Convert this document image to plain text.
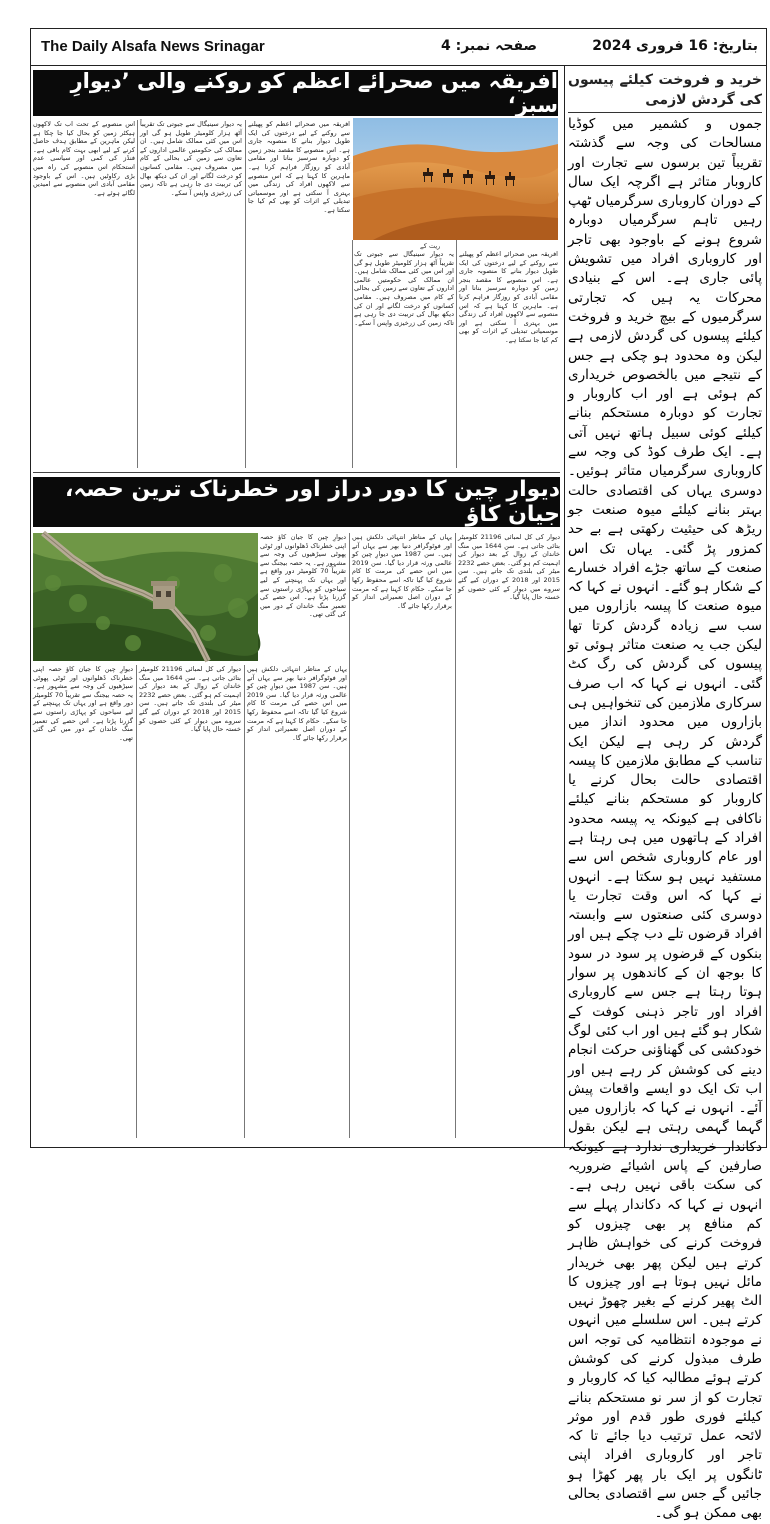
The Daily Alsafa News Srinagar	صفحہ نمبر: 4	بتاریخ: 16 فروری 2024
افریقہ میں صحرائے اعظم کو روکنے والی ’دیوارِ سبز‘
ریت کے
اس منصوبے کے تحت اب تک لاکھوں ہیکٹر زمین کو بحال کیا جا چکا ہے لیکن ماہرین کے مطابق ہدف حاصل کرنے کے لیے ابھی بہت کام باقی ہے۔ فنڈز کی کمی اور سیاسی عدم استحکام اس منصوبے کی راہ میں بڑی رکاوٹیں ہیں۔ اس کے باوجود مقامی آبادی اس منصوبے سے امیدیں لگائے ہوئے ہے۔
یہ دیوار سینیگال سے جبوتی تک تقریباً آٹھ ہزار کلومیٹر طویل ہو گی اور اس میں کئی ممالک شامل ہیں۔ ان ممالک کی حکومتیں عالمی اداروں کے تعاون سے زمین کی بحالی کے کام میں مصروف ہیں۔ مقامی کسانوں کو درخت لگانے اور ان کی دیکھ بھال کی تربیت دی جا رہی ہے تاکہ زمین کی زرخیزی واپس آ سکے۔
افریقہ میں صحرائے اعظم کو پھیلنے سے روکنے کے لیے درختوں کی ایک طویل دیوار بنانے کا منصوبہ جاری ہے۔ اس منصوبے کا مقصد بنجر زمین کو دوبارہ سرسبز بنانا اور مقامی آبادی کو روزگار فراہم کرنا ہے۔ ماہرین کا کہنا ہے کہ اس منصوبے سے لاکھوں افراد کی زندگی میں بہتری آ سکتی ہے اور موسمیاتی تبدیلی کے اثرات کو بھی کم کیا جا سکتا ہے۔
یہ دیوار سینیگال سے جبوتی تک تقریباً آٹھ ہزار کلومیٹر طویل ہو گی اور اس میں کئی ممالک شامل ہیں۔ ان ممالک کی حکومتیں عالمی اداروں کے تعاون سے زمین کی بحالی کے کام میں مصروف ہیں۔ مقامی کسانوں کو درخت لگانے اور ان کی دیکھ بھال کی تربیت دی جا رہی ہے تاکہ زمین کی زرخیزی واپس آ سکے۔
افریقہ میں صحرائے اعظم کو پھیلنے سے روکنے کے لیے درختوں کی ایک طویل دیوار بنانے کا منصوبہ جاری ہے۔ اس منصوبے کا مقصد بنجر زمین کو دوبارہ سرسبز بنانا اور مقامی آبادی کو روزگار فراہم کرنا ہے۔ ماہرین کا کہنا ہے کہ اس منصوبے سے لاکھوں افراد کی زندگی میں بہتری آ سکتی ہے اور موسمیاتی تبدیلی کے اثرات کو بھی کم کیا جا سکتا ہے۔
دیوارِ چین کا دور دراز اور خطرناک ترین حصہ، جیان کاؤ
دیوارِ چین کا جیان کاؤ حصہ اپنی خطرناک ڈھلوانوں اور ٹوٹی پھوٹی سیڑھیوں کی وجہ سے مشہور ہے۔ یہ حصہ بیجنگ سے تقریباً 70 کلومیٹر دور واقع ہے اور یہاں تک پہنچنے کے لیے سیاحوں کو پہاڑی راستوں سے گزرنا پڑتا ہے۔ اس حصے کی تعمیر منگ خاندان کے دور میں کی گئی تھی۔
یہاں کے مناظر انتہائی دلکش ہیں اور فوٹوگرافر دنیا بھر سے یہاں آتے ہیں۔ سن 1987 میں دیوارِ چین کو عالمی ورثہ قرار دیا گیا۔ سن 2019 میں اس حصے کی مرمت کا کام شروع کیا گیا تاکہ اسے محفوظ رکھا جا سکے۔ حکام کا کہنا ہے کہ مرمت کے دوران اصل تعمیراتی انداز کو برقرار رکھا جائے گا۔
دیوار کی کل لمبائی 21196 کلومیٹر بتائی جاتی ہے۔ سن 1644 میں منگ خاندان کے زوال کے بعد دیوار کی اہمیت کم ہو گئی۔ بعض حصے 2232 میٹر کی بلندی تک جاتے ہیں۔ سن 2015 اور 2018 کے دوران کیے گئے سروے میں دیوار کے کئی حصوں کو خستہ حال پایا گیا۔
دیوارِ چین کا جیان کاؤ حصہ اپنی خطرناک ڈھلوانوں اور ٹوٹی پھوٹی سیڑھیوں کی وجہ سے مشہور ہے۔ یہ حصہ بیجنگ سے تقریباً 70 کلومیٹر دور واقع ہے اور یہاں تک پہنچنے کے لیے سیاحوں کو پہاڑی راستوں سے گزرنا پڑتا ہے۔ اس حصے کی تعمیر منگ خاندان کے دور میں کی گئی تھی۔
دیوار کی کل لمبائی 21196 کلومیٹر بتائی جاتی ہے۔ سن 1644 میں منگ خاندان کے زوال کے بعد دیوار کی اہمیت کم ہو گئی۔ بعض حصے 2232 میٹر کی بلندی تک جاتے ہیں۔ سن 2015 اور 2018 کے دوران کیے گئے سروے میں دیوار کے کئی حصوں کو خستہ حال پایا گیا۔
یہاں کے مناظر انتہائی دلکش ہیں اور فوٹوگرافر دنیا بھر سے یہاں آتے ہیں۔ سن 1987 میں دیوارِ چین کو عالمی ورثہ قرار دیا گیا۔ سن 2019 میں اس حصے کی مرمت کا کام شروع کیا گیا تاکہ اسے محفوظ رکھا جا سکے۔ حکام کا کہنا ہے کہ مرمت کے دوران اصل تعمیراتی انداز کو برقرار رکھا جائے گا۔
خرید و فروخت کیلئے پیسوں کی گردش لازمی
جموں و کشمیر میں کوڈیا مسالحات کی وجہ سے گذشتہ تقریباً تین برسوں سے تجارت اور کاروبار متاثر ہے اگرچہ ایک سال کے دوران کاروباری سرگرمیاں ٹھپ رہیں تاہم سرگرمیاں دوبارہ شروع ہونے کے باوجود بھی تاجر اور کاروباری افراد میں تشویش پائی جاری ہے۔ اس کے بنیادی محرکات یہ ہیں کہ تجارتی سرگرمیوں کے بیچ خرید و فروخت کیلئے پیسوں کی گردش لازمی ہے لیکن وہ محدود ہو چکی ہے جس کے نتیجے میں بالخصوص خریداری کم ہوئی ہے اور اب کاروبار و تجارت کو دوبارہ مستحکم بنانے کیلئے کوئی سبیل ہاتھ نہیں آتی ہے۔ ایک طرف کوڈ کی وجہ سے کاروباری سرگرمیاں متاثر ہوئیں۔ دوسری یہاں کی اقتصادی حالت بہتر بنانے کیلئے میوہ صنعت جو ریڑھ کی حیثیت رکھتی ہے بے حد کمزور پڑ گئی۔ یہاں تک اس صنعت کے ساتھ جڑے افراد خسارے کے شکار ہو گئے۔ انہوں نے کہا کہ میوہ صنعت کا پیسہ بازاروں میں سب سے زیادہ گردش کرتا تھا لیکن جب یہ صنعت متاثر ہوئی تو پیسوں کی گردش کی رگ کٹ گئی۔ انہوں نے کہا کہ اب صرف سرکاری ملازمین کی تنخواہیں ہی بازاروں میں محدود انداز میں گردش کر رہی ہے لیکن ایک تناسب کے مطابق ملازمین کا پیسہ اقتصادی حالت بحال کرنے یا کاروبار کو مستحکم بنانے کیلئے ناکافی ہے کیونکہ یہ پیسہ محدود افراد کے ہاتھوں میں ہی رہتا ہے اور عام کاروباری شخص اس سے مستفید نہیں ہو سکتا ہے۔ انہوں نے کہا کہ اس وقت تجارت یا دوسری کئی صنعتوں سے وابستہ افراد قرضوں تلے دب چکے ہیں اور بنکوں کے قرضوں پر سود در سود کا بوجھ ان کے کاندھوں پر سوار ہوتا رہتا ہے جس سے کاروباری افراد اور تاجر ذہنی کوفت کے شکار ہو گئے ہیں اور اب کئی لوگ خودکشی کی گھناؤنی حرکت انجام دینے کی کوشش کر رہے ہیں اور اب تک ایک دو ایسے واقعات پیش آئے۔ انہوں نے کہا کہ بازاروں میں گہما گہمی رہتی ہے لیکن بقول دکاندار خریداری ندارد ہے کیونکہ صارفین کے پاس اشیائے ضروریہ کی سکت باقی نہیں رہی ہے۔ انہوں نے کہا کہ دکاندار پہلے سے کم منافع پر بھی چیزوں کو فروخت کرنے کی خواہش ظاہر کرتے ہیں لیکن پھر بھی خریدار مائل نہیں ہوتا ہے اور چیزوں کا الٹ پھیر کرنے کے بغیر چھوڑ نہیں کرتے ہیں۔ اس سلسلے میں انہوں نے موجودہ انتظامیہ کی توجہ اس طرف مبذول کرنے کی کوشش کرتے ہوئے مطالبہ کیا کہ کاروبار و تجارت کو از سر نو مستحکم بنانے کیلئے فوری طور قدم اور موثر لائحہ عمل ترتیب دیا جائے تا کہ تاجر اور کاروباری افراد اپنی ٹانگوں پر ایک بار پھر کھڑا ہو جائیں گے جس سے اقتصادی بحالی بھی ممکن ہو گی۔
